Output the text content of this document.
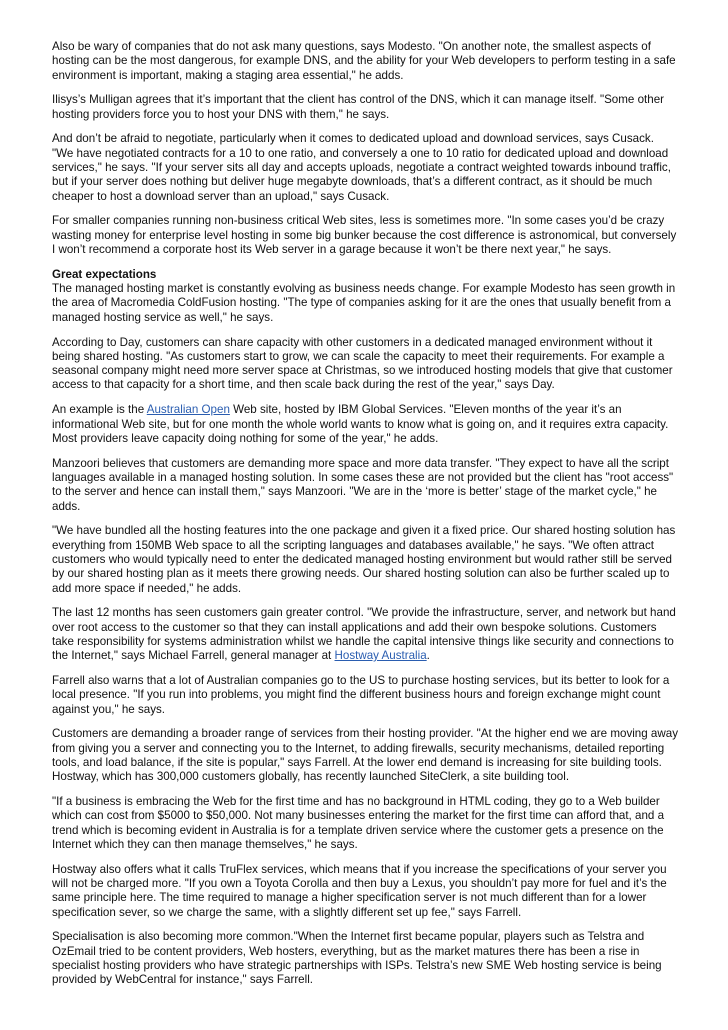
Also be wary of companies that do not ask many questions, says Modesto. "On another note, the smallest aspects of hosting can be the most dangerous, for example DNS, and the ability for your Web developers to perform testing in a safe environment is important, making a staging area essential," he adds.

Ilisys’s Mulligan agrees that it’s important that the client has control of the DNS, which it can manage itself. "Some other hosting providers force you to host your DNS with them," he says.

And don’t be afraid to negotiate, particularly when it comes to dedicated upload and download services, says Cusack. "We have negotiated contracts for a 10 to one ratio, and conversely a one to 10 ratio for dedicated upload and download services," he says. "If your server sits all day and accepts uploads, negotiate a contract weighted towards inbound traffic, but if your server does nothing but deliver huge megabyte downloads, that’s a different contract, as it should be much cheaper to host a download server than an upload," says Cusack.

For smaller companies running non-business critical Web sites, less is sometimes more. "In some cases you’d be crazy wasting money for enterprise level hosting in some big bunker because the cost difference is astronomical, but conversely I won’t recommend a corporate host its Web server in a garage because it won’t be there next year," he says.

Great expectations
The managed hosting market is constantly evolving as business needs change. For example Modesto has seen growth in the area of Macromedia ColdFusion hosting. "The type of companies asking for it are the ones that usually benefit from a managed hosting service as well," he says.

According to Day, customers can share capacity with other customers in a dedicated managed environment without it being shared hosting. "As customers start to grow, we can scale the capacity to meet their requirements. For example a seasonal company might need more server space at Christmas, so we introduced hosting models that give that customer access to that capacity for a short time, and then scale back during the rest of the year," says Day.

An example is the Australian Open Web site, hosted by IBM Global Services. "Eleven months of the year it’s an informational Web site, but for one month the whole world wants to know what is going on, and it requires extra capacity. Most providers leave capacity doing nothing for some of the year," he adds.

Manzoori believes that customers are demanding more space and more data transfer. "They expect to have all the script languages available in a managed hosting solution. In some cases these are not provided but the client has "root access" to the server and hence can install them," says Manzoori. "We are in the ‘more is better’ stage of the market cycle," he adds.

"We have bundled all the hosting features into the one package and given it a fixed price. Our shared hosting solution has everything from 150MB Web space to all the scripting languages and databases available," he says. "We often attract customers who would typically need to enter the dedicated managed hosting environment but would rather still be served by our shared hosting plan as it meets there growing needs. Our shared hosting solution can also be further scaled up to add more space if needed," he adds.

The last 12 months has seen customers gain greater control. "We provide the infrastructure, server, and network but hand over root access to the customer so that they can install applications and add their own bespoke solutions. Customers take responsibility for systems administration whilst we handle the capital intensive things like security and connections to the Internet," says Michael Farrell, general manager at Hostway Australia.

Farrell also warns that a lot of Australian companies go to the US to purchase hosting services, but its better to look for a local presence. "If you run into problems, you might find the different business hours and foreign exchange might count against you," he says.

Customers are demanding a broader range of services from their hosting provider. "At the higher end we are moving away from giving you a server and connecting you to the Internet, to adding firewalls, security mechanisms, detailed reporting tools, and load balance, if the site is popular," says Farrell. At the lower end demand is increasing for site building tools. Hostway, which has 300,000 customers globally, has recently launched SiteClerk, a site building tool.

"If a business is embracing the Web for the first time and has no background in HTML coding, they go to a Web builder which can cost from $5000 to $50,000. Not many businesses entering the market for the first time can afford that, and a trend which is becoming evident in Australia is for a template driven service where the customer gets a presence on the Internet which they can then manage themselves," he says.

Hostway also offers what it calls TruFlex services, which means that if you increase the specifications of your server you will not be charged more. "If you own a Toyota Corolla and then buy a Lexus, you shouldn’t pay more for fuel and it’s the same principle here. The time required to manage a higher specification server is not much different than for a lower specification sever, so we charge the same, with a slightly different set up fee," says Farrell.

Specialisation is also becoming more common."When the Internet first became popular, players such as Telstra and OzEmail tried to be content providers, Web hosters, everything, but as the market matures there has been a rise in specialist hosting providers who have strategic partnerships with ISPs. Telstra’s new SME Web hosting service is being provided by WebCentral for instance," says Farrell.
